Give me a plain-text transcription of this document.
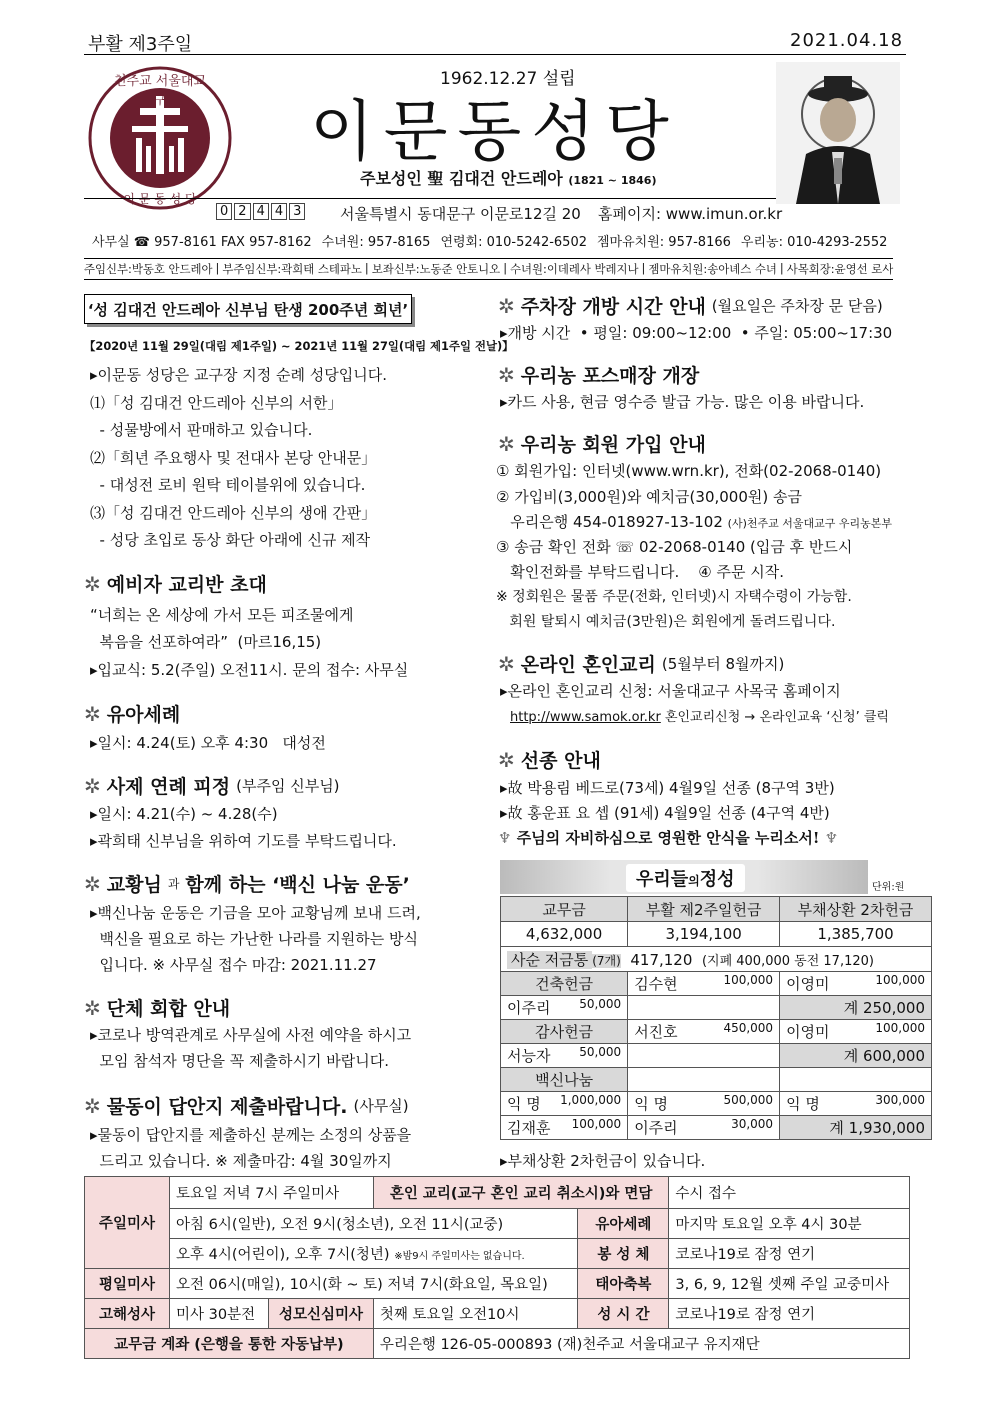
부활 제3주일	2021.04.18
천주교 서울대교구
이 문 동 성 당
1962.12.27 설립
이문동성당
주보성인 聖 김대건 안드레아 (1821 ~ 1846)
0 2 4 4 3	서울특별시 동대문구 이문로12길 20 홈페이지: www.imun.or.kr
사무실 ☎ 957-8161 FAX 957-8162 수녀원: 957-8165 연령회: 010-5242-6502 젬마유치원: 957-8166 우리농: 010-4293-2552
주임신부:박동호 안드레아 | 부주임신부:곽희태 스테파노 | 보좌신부:노동준 안토니오 | 수녀원:이데레사 박레지나 | 젬마유치원:송아녜스 수녀 | 사목회장:윤영선 로사
‘성 김대건 안드레아 신부님 탄생 200주년 희년’
【2020년 11월 29일(대림 제1주일) ~ 2021년 11월 27일(대림 제1주일 전날)】
▸이문동 성당은 교구장 지정 순례 성당입니다.
⑴「성 김대건 안드레아 신부의 서한」
- 성물방에서 판매하고 있습니다.
⑵「희년 주요행사 및 전대사 본당 안내문」
- 대성전 로비 원탁 테이블위에 있습니다.
⑶「성 김대건 안드레아 신부의 생애 간판」
- 성당 초입로 동상 화단 아래에 신규 제작
✲ 예비자 교리반 초대
“너희는 온 세상에 가서 모든 피조물에게
복음을 선포하여라”  (마르16,15)
▸입교식: 5.2(주일) 오전11시. 문의 접수: 사무실
✲ 유아세례
▸일시: 4.24(토) 오후 4:30   대성전
✲ 사제 연례 피정 (부주임 신부님)
▸일시: 4.21(수) ~ 4.28(수)
▸곽희태 신부님을 위하여 기도를 부탁드립니다.
✲ 교황님 과 함께 하는 ‘백신 나눔 운동’
▸백신나눔 운동은 기금을 모아 교황님께 보내 드려,
백신을 필요로 하는 가난한 나라를 지원하는 방식
입니다. ※ 사무실 접수 마감: 2021.11.27
✲ 단체 회합 안내
▸코로나 방역관계로 사무실에 사전 예약을 하시고
모임 참석자 명단을 꼭 제출하시기 바랍니다.
✲ 물동이 답안지 제출바랍니다. (사무실)
▸물동이 답안지를 제출하신 분께는 소정의 상품을
드리고 있습니다. ※ 제출마감: 4월 30일까지
✲ 주차장 개방 시간 안내 (월요일은 주차장 문 닫음)
▸개방 시간  • 평일: 09:00~12:00  • 주일: 05:00~17:30
✲ 우리농 포스매장 개장
▸카드 사용, 현금 영수증 발급 가능. 많은 이용 바랍니다.
✲ 우리농 회원 가입 안내
① 회원가입: 인터넷(www.wrn.kr), 전화(02-2068-0140)
② 가입비(3,000원)와 예치금(30,000원) 송금
우리은행 454-018927-13-102 (사)천주교 서울대교구 우리농본부
③ 송금 확인 전화 ☏ 02-2068-0140 (입금 후 반드시
확인전화를 부탁드립니다.    ④ 주문 시작.
※ 정회원은 물품 주문(전화, 인터넷)시 자택수령이 가능함.
회원 탈퇴시 예치금(3만원)은 회원에게 돌려드립니다.
✲ 온라인 혼인교리 (5월부터 8월까지)
▸온라인 혼인교리 신청: 서울대교구 사목국 홈페이지
http://www.samok.or.kr 혼인교리신청 → 온라인교육 ‘신청’ 클릭
✲ 선종 안내
▸故 박용림 베드로(73세) 4월9일 선종 (8구역 3반)
▸故 홍운표 요 셉 (91세) 4월9일 선종 (4구역 4반)
♆ 주님의 자비하심으로 영원한 안식을 누리소서! ♆
우리들의정성	단위:원
교무금	부활 제2주일헌금	부채상환 2차헌금
4,632,000	3,194,100	1,385,700
사순 저금통 (7개) 417,120 (지폐 400,000 동전 17,120)		
건축헌금	김수현 100,000	이영미 100,000

이주리 50,000		계 250,000
감사헌금	서진호 450,000	이영미 100,000

서능자 50,000		계 600,000
백신나눔		
익 명 1,000,000	익 명 500,000	익 명 300,000

김재훈 100,000	이주리 30,000	계 1,930,000
▸부채상환 2차헌금이 있습니다.
주일미사	토요일 저녁 7시 주일미사		혼인 교리(교구 혼인 교리 취소시)와 면담		수시 접수
	아침 6시(일반), 오전 9시(청소년), 오전 11시(교중)			유아세례	마지막 토요일 오후 4시 30분
	오후 4시(어린이), 오후 7시(청년) ※밤9시 주일미사는 없습니다.			봉 성 체	코로나19로 잠정 연기
평일미사	오전 06시(매일), 10시(화 ~ 토) 저녁 7시(화요일, 목요일)			태아축복	3, 6, 9, 12월 셋째 주일 교중미사
고해성사	미사 30분전	성모신심미사	첫째 토요일 오전10시	성 시 간	코로나19로 잠정 연기
교무금 계좌 (은행을 통한 자동납부)			우리은행 126-05-000893 (재)천주교 서울대교구 유지재단		
